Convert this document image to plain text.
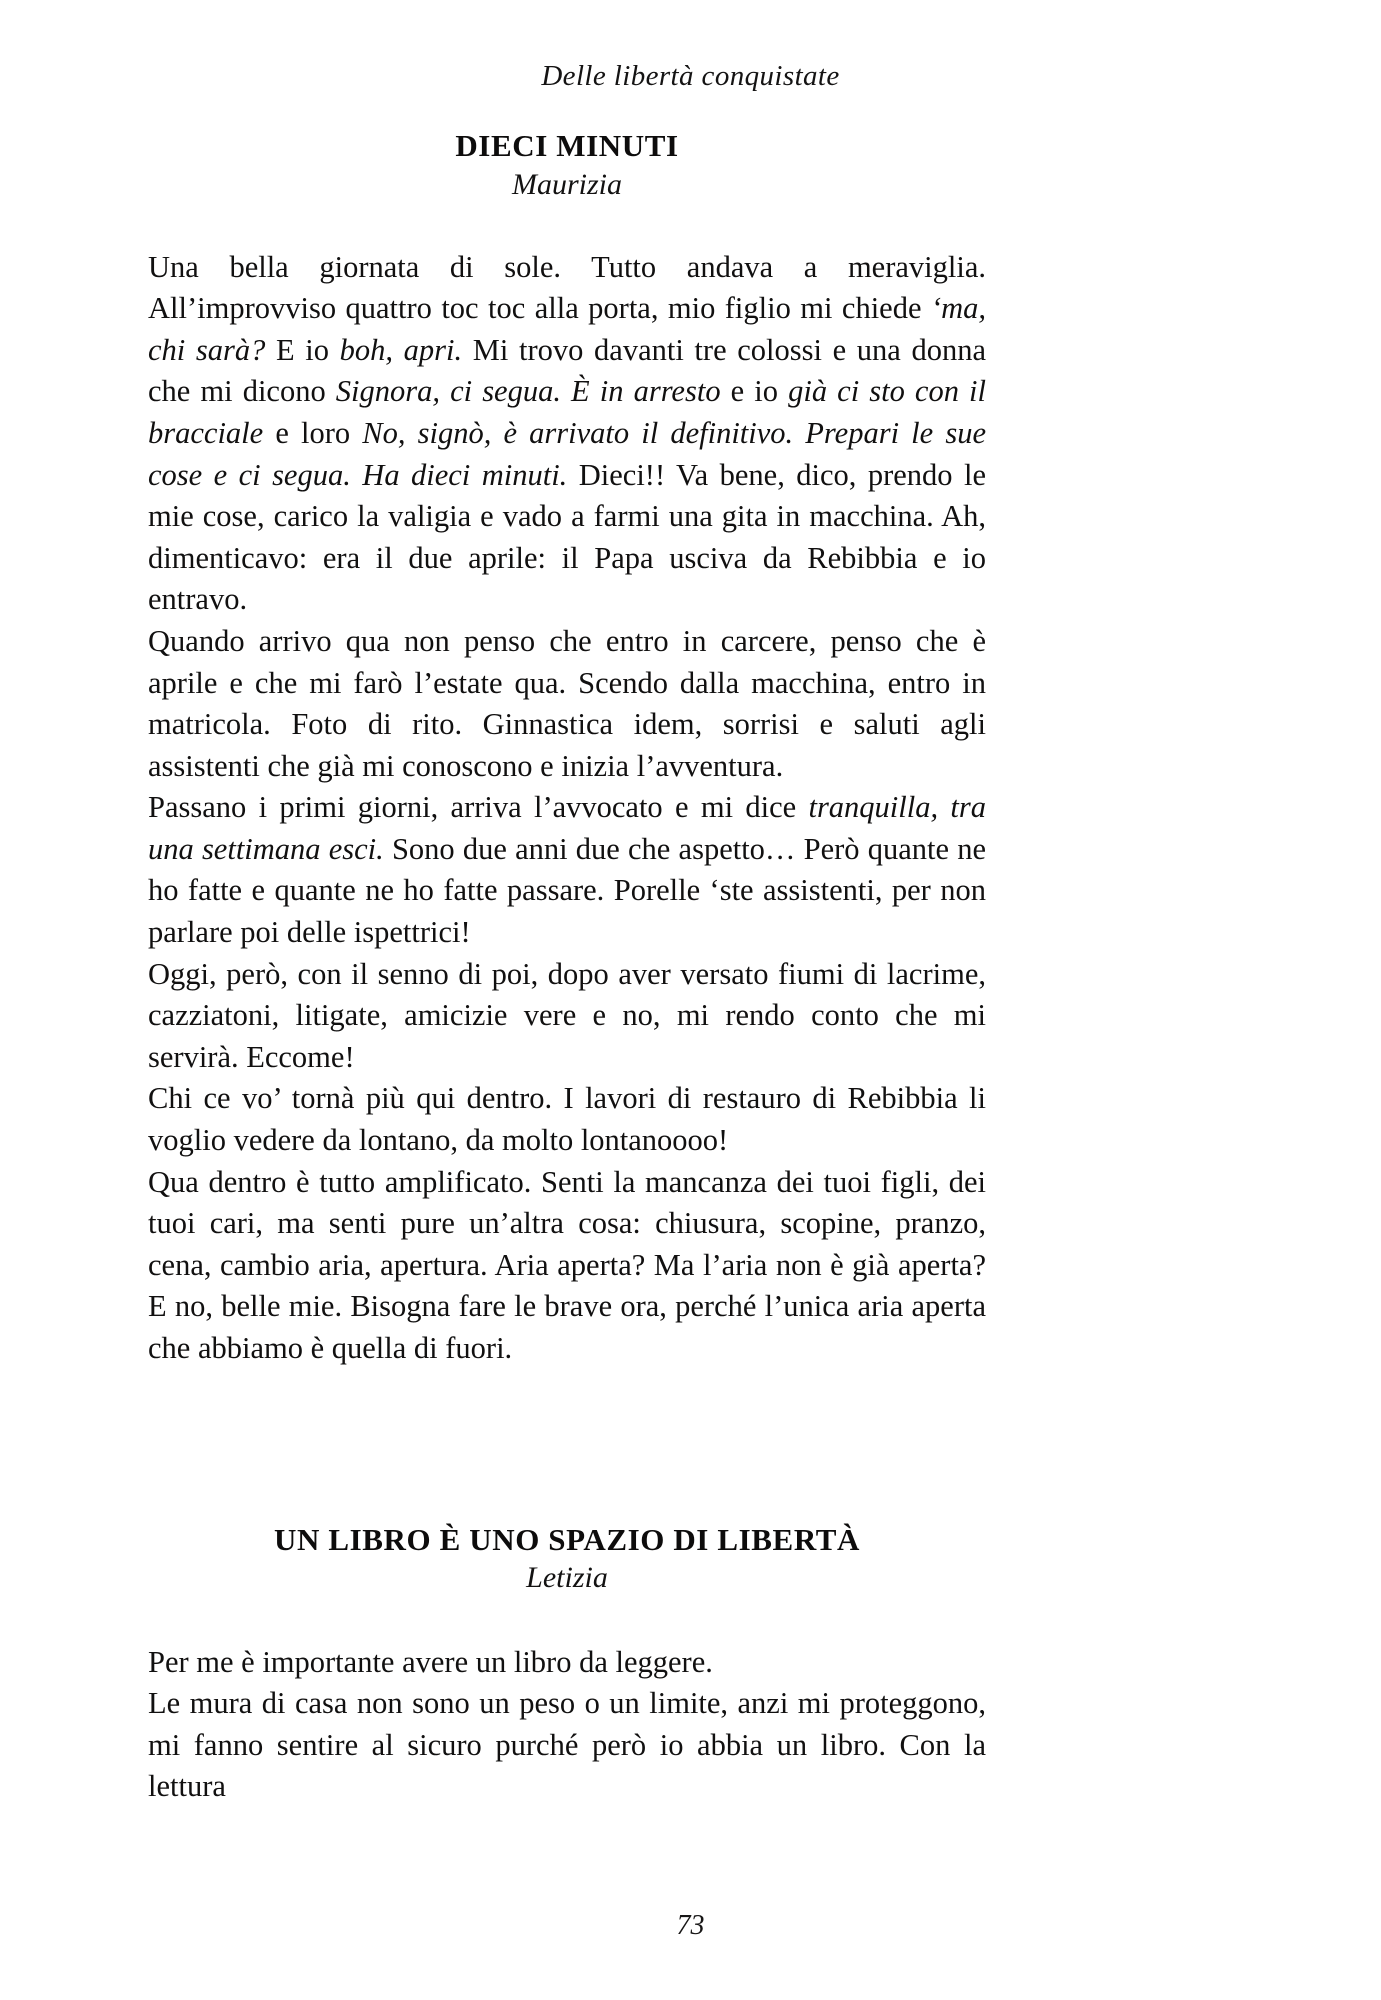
Delle libertà conquistate
DIECI MINUTI
Maurizia

Una bella giornata di sole. Tutto andava a meraviglia. All’improvviso quattro toc toc alla porta, mio figlio mi chiede ‘ma, chi sarà? E io boh, apri. Mi trovo davanti tre colossi e una donna che mi dicono Signora, ci segua. È in arresto e io già ci sto con il bracciale e loro No, signò, è arrivato il definitivo. Prepari le sue cose e ci segua. Ha dieci minuti. Dieci!! Va bene, dico, prendo le mie cose, carico la valigia e vado a farmi una gita in macchina. Ah, dimenticavo: era il due aprile: il Papa usciva da Rebibbia e io entravo.

Quando arrivo qua non penso che entro in carcere, penso che è aprile e che mi farò l’estate qua. Scendo dalla macchina, entro in matricola. Foto di rito. Ginnastica idem, sorrisi e saluti agli assistenti che già mi conoscono e inizia l’avventura.

Passano i primi giorni, arriva l’avvocato e mi dice tranquilla, tra una settimana esci. Sono due anni due che aspetto… Però quante ne ho fatte e quante ne ho fatte passare. Porelle ‘ste assistenti, per non parlare poi delle ispettrici!

Oggi, però, con il senno di poi, dopo aver versato fiumi di lacrime, cazziatoni, litigate, amicizie vere e no, mi rendo conto che mi servirà. Eccome!

Chi ce vo’ tornà più qui dentro. I lavori di restauro di Rebibbia li voglio vedere da lontano, da molto lontanoooo!

Qua dentro è tutto amplificato. Senti la mancanza dei tuoi figli, dei tuoi cari, ma senti pure un’altra cosa: chiusura, scopine, pranzo, cena, cambio aria, apertura. Aria aperta? Ma l’aria non è già aperta? E no, belle mie. Bisogna fare le brave ora, perché l’unica aria aperta che abbiamo è quella di fuori.

UN LIBRO È UNO SPAZIO DI LIBERTÀ
Letizia

Per me è importante avere un libro da leggere.

Le mura di casa non sono un peso o un limite, anzi mi proteggono, mi fanno sentire al sicuro purché però io abbia un libro. Con la lettura

73
